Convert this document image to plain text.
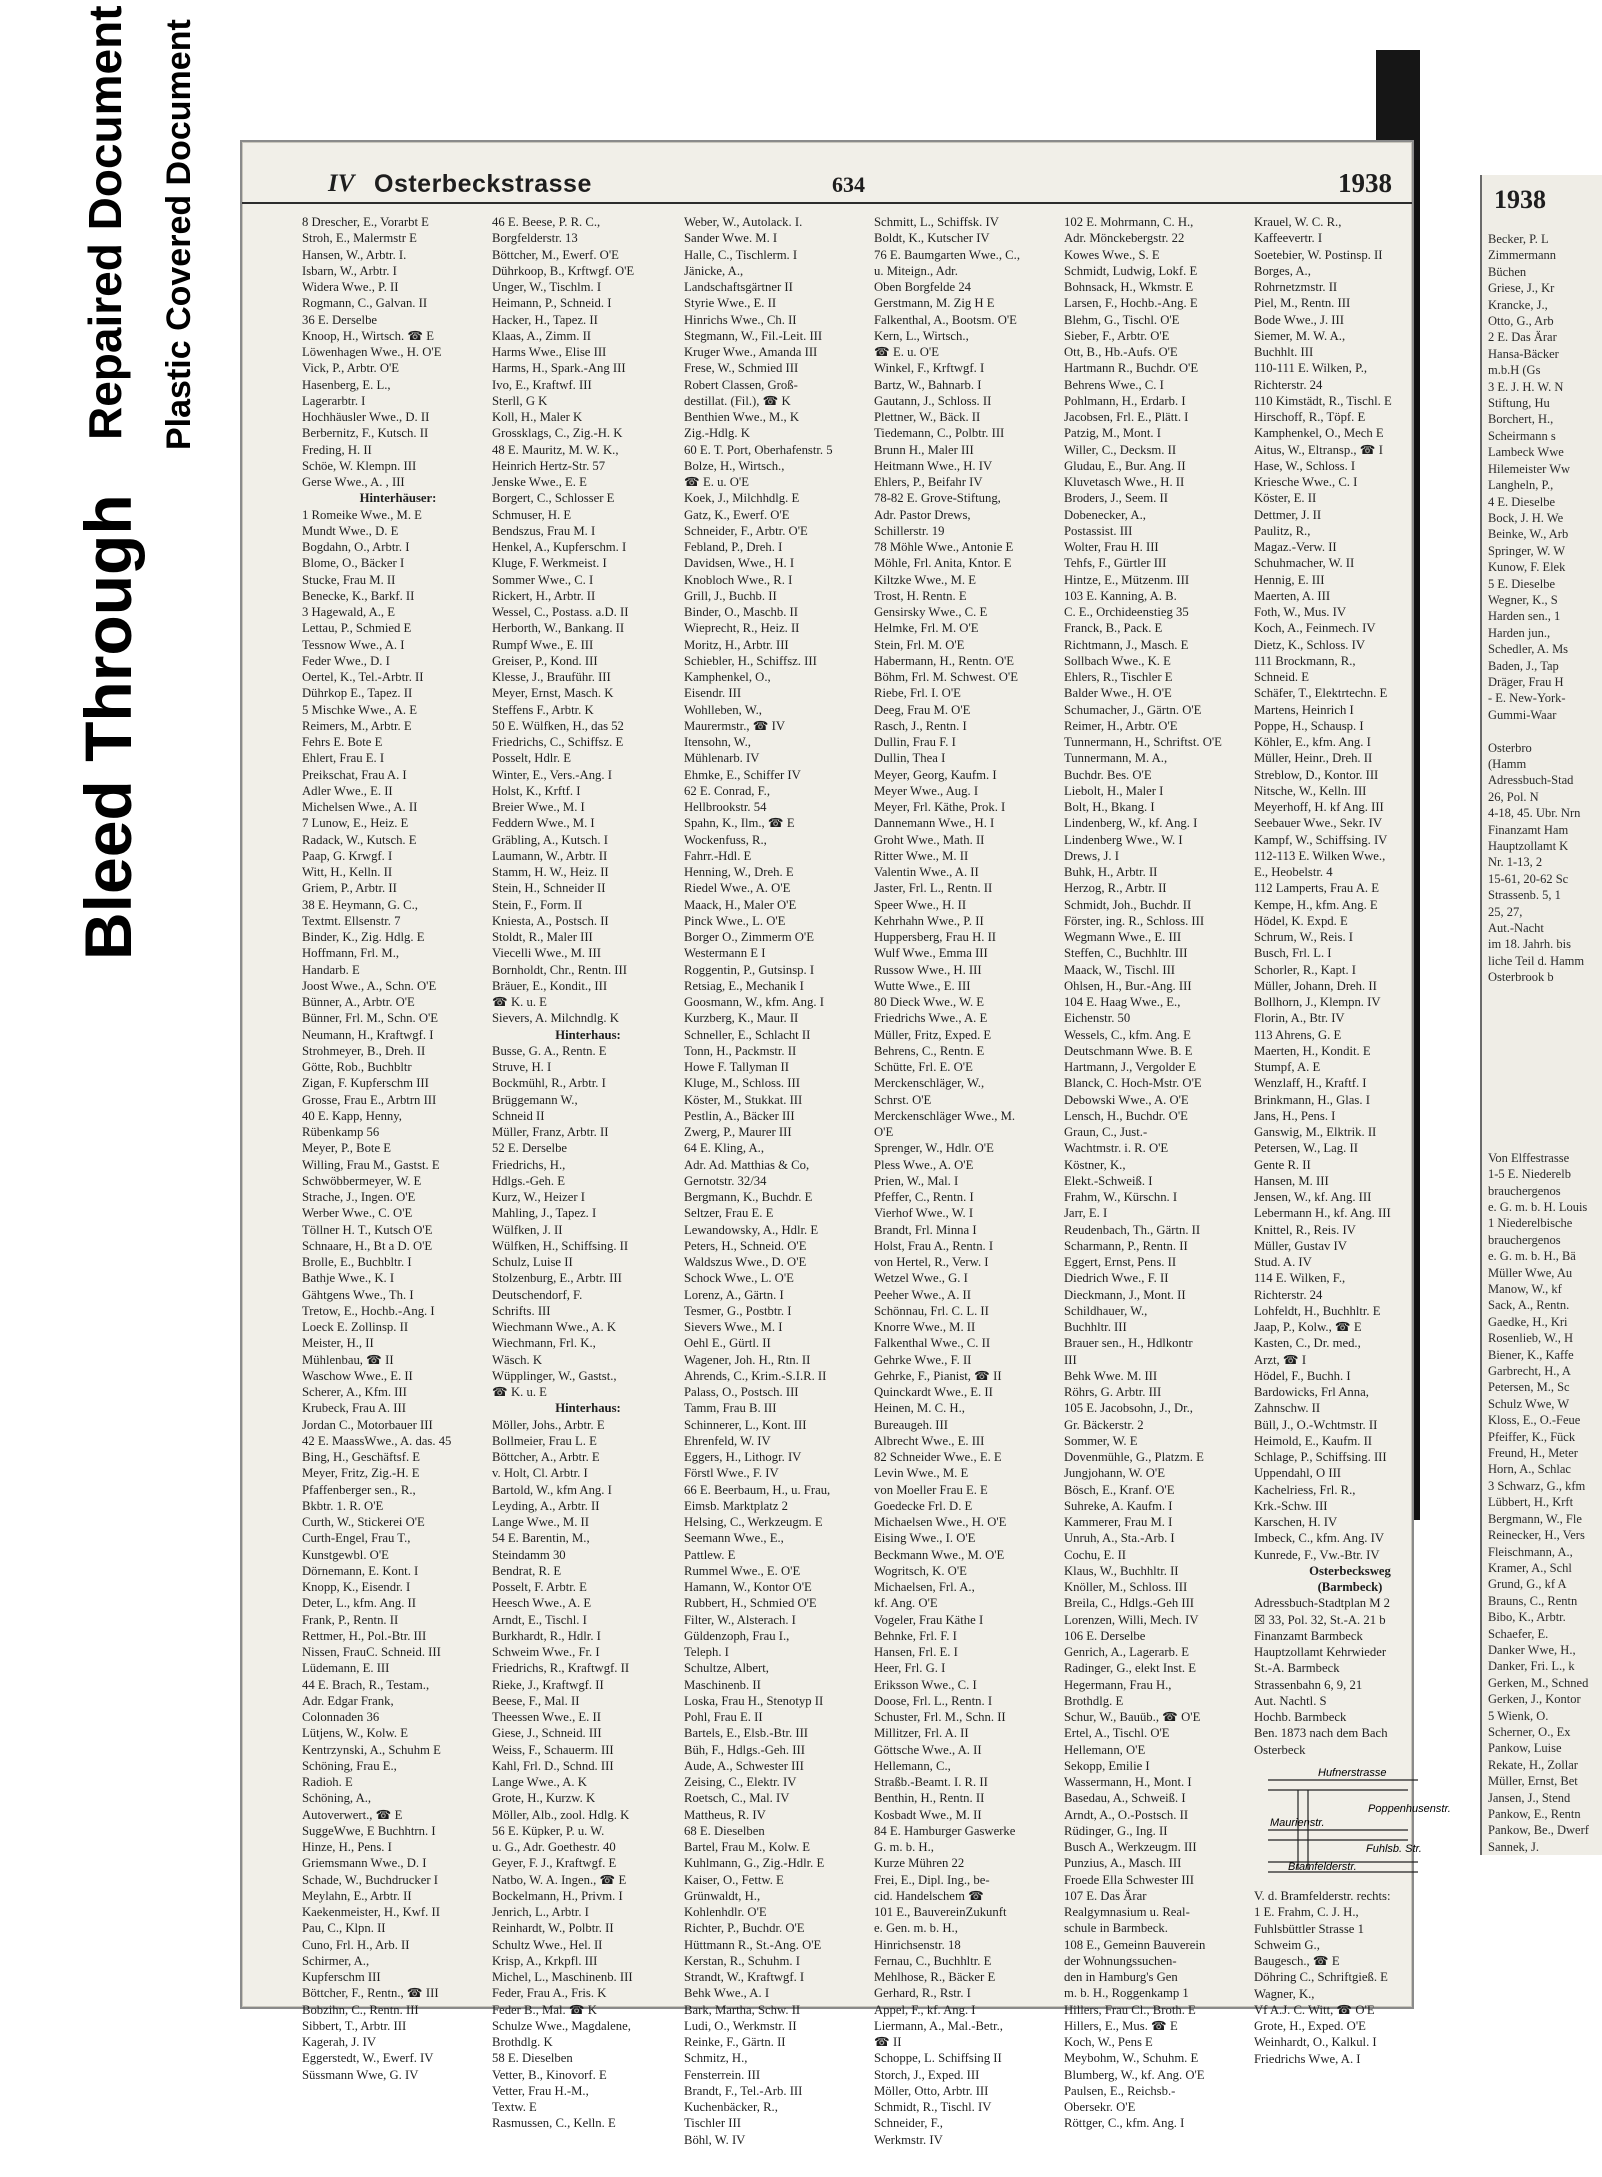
Bleed Through
Repaired Document Plastic Covered Document	1938
Becker, P. L
Zimmermann
Büchen
Griese, J., Kr
Krancke, J.,
Otto, G., Arb
2 E. Das Ärar
Hansa-Bäcker
m.b.H (Gs
3 E. J. H. W. N
Stiftung, Hu
Borchert, H.,
Scheirmann s
Lambeck Wwe
Hilemeister Ww
Langheln, P.,
4 E. Dieselbe
Bock, J. H. We
Beinke, W., Arb
Springer, W. W
Kunow, F. Elek
5 E. Dieselbe
Wegner, K., S
Harden sen., 1
Harden jun.,
Schedler, A. Ms
Baden, J., Tap
Dräger, Frau H
- E. New-York-
Gummi-Waar

Osterbro
(Hamm
Adressbuch-Stad
26, Pol. N
4-18, 45. Ubr. Nrn
Finanzamt Ham
Hauptzollamt K
Nr. 1-13, 2
15-61, 20-62 Sc
Strassenb. 5, 1
25, 27,
Aut.-Nacht
im 18. Jahrh. bis
liche Teil d. Hamm
Osterbrook b

Von Elffestrasse
1-5 E. Niederelb
brauchergenos
e. G. m. b. H. Louis
1 Niederelbische
brauchergenos
e. G. m. b. H., Bä
Müller Wwe, Au
Manow, W., kf
Sack, A., Rentn.
Gaedke, H., Kri
Rosenlieb, W., H
Biener, K., Kaffe
Garbrecht, H., A
Petersen, M., Sc
Schulz Wwe, W
Kloss, E., O.-Feue
Pfeiffer, K., Fück
Freund, H., Meter
Horn, A., Schlac
3 Schwarz, G., kfm
Lübbert, H., Krft
Bergmann, W., Fle
Reinecker, H., Vers
Fleischmann, A.,
Kramer, A., Schl
Grund, G., kf A
Brauns, C., Rentn
Bibo, K., Arbtr.
Schaefer, E.
Danker Wwe, H.,
Danker, Fri. L., k
Gerken, M., Schned
Gerken, J., Kontor
5 Wienk, O.
Scherner, O., Ex
Pankow, Luise
Rekate, H., Zollar
Müller, Ernst, Bet
Jansen, J., Stend
Pankow, E., Rentn
Pankow, Be., Dwerf
Sannek, J.
IV Osterbeckstrasse	634	1938
8 Drescher, E., Vorarbt E
Stroh, E., Malermstr E
Hansen, W., Arbtr. I.
Isbarn, W., Arbtr. I
Widera Wwe., P. II
Rogmann, C., Galvan. II
36 E. Derselbe
Knoop, H., Wirtsch. ☎ E
Löwenhagen Wwe., H. O'E
Vick, P., Arbtr. O'E
Hasenberg, E. L.,
Lagerarbtr. I
Hochhäusler Wwe., D. II
Berbernitz, F., Kutsch. II
Freding, H. II
Schöe, W. Klempn. III
Gerse Wwe., A. , III
Hinterhäuser:
1 Romeike Wwe., M. E
Mundt Wwe., D. E
Bogdahn, O., Arbtr. I
Blome, O., Bäcker I
Stucke, Frau M. II
Benecke, K., Barkf. II
3 Hagewald, A., E
Lettau, P., Schmied E
Tessnow Wwe., A. I
Feder Wwe., D. I
Oertel, K., Tel.-Arbtr. II
Dührkop E., Tapez. II
5 Mischke Wwe., A. E
Reimers, M., Arbtr. E
Fehrs E. Bote E
Ehlert, Frau E. I
Preikschat, Frau A. I
Adler Wwe., E. II
Michelsen Wwe., A. II
7 Lunow, E., Heiz. E
Radack, W., Kutsch. E
Paap, G. Krwgf. I
Witt, H., Kelln. II
Griem, P., Arbtr. II
38 E. Heymann, G. C.,
Textmt. Ellsenstr. 7
Binder, K., Zig. Hdlg. E
Hoffmann, Frl. M.,
Handarb. E
Joost Wwe., A., Schn. O'E
Bünner, A., Arbtr. O'E
Bünner, Frl. M., Schn. O'E
Neumann, H., Kraftwgf. I
Strohmeyer, B., Dreh. II
Götte, Rob., Buchbltr
Zigan, F. Kupferschm III
Grosse, Frau E., Arbtrn III
40 E. Kapp, Henny,
Rübenkamp 56
Meyer, P., Bote E
Willing, Frau M., Gastst. E
Schwöbbermeyer, W. E
Strache, J., Ingen. O'E
Werber Wwe., C. O'E
Töllner H. T., Kutsch O'E
Schnaare, H., Bt a D. O'E
Brolle, E., Buchbltr. I
Bathje Wwe., K. I
Gähtgens Wwe., Th. I
Tretow, E., Hochb.-Ang. I
Loeck E. Zollinsp. II
Meister, H., II
Mühlenbau, ☎ II
Waschow Wwe., E. II
Scherer, A., Kfm. III
Krubeck, Frau A. III
Jordan C., Motorbauer III
42 E. MaassWwe., A. das. 45
Bing, H., Geschäftsf. E
Meyer, Fritz, Zig.-H. E
Pfaffenberger sen., R.,
Bkbtr. 1. R. O'E
Curth, W., Stickerei O'E
Curth-Engel, Frau T.,
Kunstgewbl. O'E
Dörnemann, E. Kont. I
Knopp, K., Eisendr. I
Deter, L., kfm. Ang. II
Frank, P., Rentn. II
Rettmer, H., Pol.-Btr. III
Nissen, FrauC. Schneid. III
Lüdemann, E. III
44 E. Brach, R., Testam.,
Adr. Edgar Frank,
Colonnaden 36
Lütjens, W., Kolw. E
Kentrzynski, A., Schuhm E
Schöning, Frau E.,
Radioh. E
Schöning, A.,
Autoverwert., ☎ E
SuggeWwe, E Buchhtrn. I
Hinze, H., Pens. I
Griemsmann Wwe., D. I
Schade, W., Buchdrucker I
Meylahn, E., Arbtr. II
Kaekenmeister, H., Kwf. II
Pau, C., Klpn. II
Cuno, Frl. H., Arb. II
Schirmer, A.,
Kupferschm III
Böttcher, F., Rentn., ☎ III
Bobzihn, C., Rentn. III
Sibbert, T., Arbtr. III
Kagerah, J. IV
Eggerstedt, W., Ewerf. IV
Süssmann Wwe, G. IV
46 E. Beese, P. R. C.,
Borgfelderstr. 13
Böttcher, M., Ewerf. O'E
Dührkoop, B., Krftwgf. O'E
Unger, W., Tischlm. I
Heimann, P., Schneid. I
Hacker, H., Tapez. II
Klaas, A., Zimm. II
Harms Wwe., Elise III
Harms, H., Spark.-Ang III
Ivo, E., Kraftwf. III
Sterll, G K
Koll, H., Maler K
Grossklags, C., Zig.-H. K
48 E. Mauritz, M. W. K.,
Heinrich Hertz-Str. 57
Jenske Wwe., E. E
Borgert, C., Schlosser E
Schmuser, H. E
Bendszus, Frau M. I
Henkel, A., Kupferschm. I
Kluge, F. Werkmeist. I
Sommer Wwe., C. I
Rickert, H., Arbtr. II
Wessel, C., Postass. a.D. II
Herborth, W., Bankang. II
Rumpf Wwe., E. III
Greiser, P., Kond. III
Klesse, J., Brauführ. III
Meyer, Ernst, Masch. K
Steffens F., Arbtr. K
50 E. Wülfken, H., das 52
Friedrichs, C., Schiffsz. E
Posselt, Hdlr. E
Winter, E., Vers.-Ang. I
Holst, K., Krftf. I
Breier Wwe., M. I
Feddern Wwe., M. I
Gräbling, A., Kutsch. I
Laumann, W., Arbtr. II
Stamm, H. W., Heiz. II
Stein, H., Schneider II
Stein, F., Form. II
Kniesta, A., Postsch. II
Stoldt, R., Maler III
Viecelli Wwe., M. III
Bornholdt, Chr., Rentn. III
Bräuer, E., Kondit., III
☎ K. u. E
Sievers, A. Milchndlg. K
Hinterhaus:
Busse, G. A., Rentn. E
Struve, H. I
Bockmühl, R., Arbtr. I
Brüggemann W.,
Schneid II
Müller, Franz, Arbtr. II
52 E. Derselbe
Friedrichs, H.,
Hdlgs.-Geh. E
Kurz, W., Heizer I
Mahling, J., Tapez. I
Wülfken, J. II
Wülfken, H., Schiffsing. II
Schulz, Luise II
Stolzenburg, E., Arbtr. III
Deutschendorf, F.
Schrifts. III
Wiechmann Wwe., A. K
Wiechmann, Frl. K.,
Wäsch. K
Wüpplinger, W., Gastst.,
☎ K. u. E
Hinterhaus:
Möller, Johs., Arbtr. E
Bollmeier, Frau L. E
Böttcher, A., Arbtr. E
v. Holt, Cl. Arbtr. I
Bartold, W., kfm Ang. I
Leyding, A., Arbtr. II
Lange Wwe., M. II
54 E. Barentin, M.,
Steindamm 30
Bendrat, R. E
Posselt, F. Arbtr. E
Heesch Wwe., A. E
Arndt, E., Tischl. I
Burkhardt, R., Hdlr. I
Schweim Wwe., Fr. I
Friedrichs, R., Kraftwgf. II
Rieke, J., Kraftwgf. II
Beese, F., Mal. II
Theessen Wwe., E. II
Giese, J., Schneid. III
Weiss, F., Schauerm. III
Kahl, Frl. D., Schnd. III
Lange Wwe., A. K
Grote, H., Kurzw. K
Möller, Alb., zool. Hdlg. K
56 E. Küpker, P. u. W.
u. G., Adr. Goethestr. 40
Geyer, F. J., Kraftwgf. E
Natbo, W. A. Ingen., ☎ E
Bockelmann, H., Privm. I
Jenrich, L., Arbtr. I
Reinhardt, W., Polbtr. II
Schultz Wwe., Hel. II
Krisp, A., Krkpfl. III
Michel, L., Maschinenb. III
Feder, Frau A., Fris. K
Feder B., Mal. ☎ K
Schulze Wwe., Magdalene,
Brothdlg. K
58 E. Dieselben
Vetter, B., Kinovorf. E
Vetter, Frau H.-M.,
Textw. E
Rasmussen, C., Kelln. E
Weber, W., Autolack. I.
Sander Wwe. M. I
Halle, C., Tischlerm. I
Jänicke, A.,
Landschaftsgärtner II
Styrie Wwe., E. II
Hinrichs Wwe., Ch. II
Stegmann, W., Fil.-Leit. III
Kruger Wwe., Amanda III
Frese, W., Schmied III
Robert Classen, Groß-
destillat. (Fil.), ☎ K
Benthien Wwe., M., K
Zig.-Hdlg. K
60 E. T. Port, Oberhafenstr. 5
Bolze, H., Wirtsch.,
☎ E. u. O'E
Koek, J., Milchhdlg. E
Gatz, K., Ewerf. O'E
Schneider, F., Arbtr. O'E
Febland, P., Dreh. I
Davidsen, Wwe., H. I
Knobloch Wwe., R. I
Grill, J., Buchb. II
Binder, O., Maschb. II
Wieprecht, R., Heiz. II
Moritz, H., Arbtr. III
Schiebler, H., Schiffsz. III
Kamphenkel, O.,
Eisendr. III
Wohlleben, W.,
Maurermstr., ☎ IV
Itensohn, W.,
Mühlenarb. IV
Ehmke, E., Schiffer IV
62 E. Conrad, F.,
Hellbrookstr. 54
Spahn, K., Ilm., ☎ E
Wockenfuss, R.,
Fahrr.-Hdl. E
Henning, W., Dreh. E
Riedel Wwe., A. O'E
Maack, H., Maler O'E
Pinck Wwe., L. O'E
Borger O., Zimmerm O'E
Westermann E I
Roggentin, P., Gutsinsp. I
Retsiag, E., Mechanik I
Goosmann, W., kfm. Ang. I
Kurzberg, K., Maur. II
Schneller, E., Schlacht II
Tonn, H., Packmstr. II
Howe F. Tallyman II
Kluge, M., Schloss. III
Köster, M., Stukkat. III
Pestlin, A., Bäcker III
Zwerg, P., Maurer III
64 E. Kling, A.,
Adr. Ad. Matthias & Co,
Gernotstr. 32/34
Bergmann, K., Buchdr. E
Seltzer, Frau E. E
Lewandowsky, A., Hdlr. E
Peters, H., Schneid. O'E
Waldszus Wwe., D. O'E
Schock Wwe., L. O'E
Lorenz, A., Gärtn. I
Tesmer, G., Postbtr. I
Sievers Wwe., M. I
Oehl E., Gürtl. II
Wagener, Joh. H., Rtn. II
Ahrends, C., Krim.-S.I.R. II
Palass, O., Postsch. III
Tamm, Frau B. III
Schinnerer, L., Kont. III
Ehrenfeld, W. IV
Eggers, H., Lithogr. IV
Förstl Wwe., F. IV
66 E. Beerbaum, H., u. Frau,
Eimsb. Marktplatz 2
Helsing, C., Werkzeugm. E
Seemann Wwe., E.,
Pattlew. E
Rummel Wwe., E. O'E
Hamann, W., Kontor O'E
Rubbert, H., Schmied O'E
Filter, W., Alsterach. I
Güldenzoph, Frau I.,
Teleph. I
Schultze, Albert,
Maschinenb. II
Loska, Frau H., Stenotyp II
Pohl, Frau E. II
Bartels, E., Elsb.-Btr. III
Büh, F., Hdlgs.-Geh. III
Aude, A., Schwester III
Zeising, C., Elektr. IV
Roetsch, C., Mal. IV
Mattheus, R. IV
68 E. Dieselben
Bartel, Frau M., Kolw. E
Kuhlmann, G., Zig.-Hdlr. E
Kaiser, O., Fettw. E
Grünwaldt, H.,
Kohlenhdlr. O'E
Richter, P., Buchdr. O'E
Hüttmann R., St.-Ang. O'E
Kerstan, R., Schuhm. I
Strandt, W., Kraftwgf. I
Behk Wwe., A. I
Bark, Martha, Schw. II
Ludi, O., Werkmstr. II
Reinke, F., Gärtn. II
Schmitz, H.,
Fensterrein. III
Brandt, F., Tel.-Arb. III
Kuchenbäcker, R.,
Tischler III
Böhl, W. IV
Schmitt, L., Schiffsk. IV
Boldt, K., Kutscher IV
76 E. Baumgarten Wwe., C.,
u. Miteign., Adr.
Oben Borgfelde 24
Gerstmann, M. Zig H E
Falkenthal, A., Bootsm. O'E
Kern, L., Wirtsch.,
☎ E. u. O'E
Winkel, F., Krftwgf. I
Bartz, W., Bahnarb. I
Gautann, J., Schloss. II
Plettner, W., Bäck. II
Tiedemann, C., Polbtr. III
Brunn H., Maler III
Heitmann Wwe., H. IV
Ehlers, P., Beifahr IV
78-82 E. Grove-Stiftung,
Adr. Pastor Drews,
Schillerstr. 19
78 Möhle Wwe., Antonie E
Möhle, Frl. Anita, Kntor. E
Kiltzke Wwe., M. E
Trost, H. Rentn. E
Gensirsky Wwe., C. E
Helmke, Frl. M. O'E
Stein, Frl. M. O'E
Habermann, H., Rentn. O'E
Böhm, Frl. M. Schwest. O'E
Riebe, Frl. I. O'E
Deeg, Frau M. O'E
Rasch, J., Rentn. I
Dullin, Frau F. I
Dullin, Thea I
Meyer, Georg, Kaufm. I
Meyer Wwe., Aug. I
Meyer, Frl. Käthe, Prok. I
Dannemann Wwe., H. I
Groht Wwe., Math. II
Ritter Wwe., M. II
Valentin Wwe., A. II
Jaster, Frl. L., Rentn. II
Speer Wwe., H. II
Kehrhahn Wwe., P. II
Huppersberg, Frau H. II
Wulf Wwe., Emma III
Russow Wwe., H. III
Wutte Wwe., E. III
80 Dieck Wwe., W. E
Friedrichs Wwe., A. E
Müller, Fritz, Exped. E
Behrens, C., Rentn. E
Schütte, Frl. E. O'E
Merckenschläger, W.,
Schrst. O'E
Merckenschläger Wwe., M.
O'E
Sprenger, W., Hdlr. O'E
Pless Wwe., A. O'E
Prien, W., Mal. I
Pfeffer, C., Rentn. I
Vierhof Wwe., W. I
Brandt, Frl. Minna I
Holst, Frau A., Rentn. I
von Hertel, R., Verw. I
Wetzel Wwe., G. I
Peeher Wwe., A. II
Schönnau, Frl. C. L. II
Knorre Wwe., M. II
Falkenthal Wwe., C. II
Gehrke Wwe., F. II
Gehrke, F., Pianist, ☎ II
Quinckardt Wwe., E. II
Heinen, M. C. H.,
Bureaugeh. III
Albrecht Wwe., E. III
82 Schneider Wwe., E. E
Levin Wwe., M. E
von Moeller Frau E. E
Goedecke Frl. D. E
Michaelsen Wwe., H. O'E
Eising Wwe., I. O'E
Beckmann Wwe., M. O'E
Wogritsch, K. O'E
Michaelsen, Frl. A.,
kf. Ang. O'E
Vogeler, Frau Käthe I
Behnke, Frl. F. I
Hansen, Frl. E. I
Heer, Frl. G. I
Eriksson Wwe., C. I
Doose, Frl. L., Rentn. I
Schuster, Frl. M., Schn. II
Millitzer, Frl. A. II
Göttsche Wwe., A. II
Hellemann, C.,
Straßb.-Beamt. I. R. II
Benthin, H., Rentn. II
Kosbadt Wwe., M. II
84 E. Hamburger Gaswerke
G. m. b. H.,
Kurze Mühren 22
Frei, E., Dipl. Ing., be-
cid. Handelschem ☎
101 E., BauvereinZukunft
e. Gen. m. b. H.,
Hinrichsenstr. 18
Fernau, C., Buchhltr. E
Mehlhose, R., Bäcker E
Gerhard, R., Rstr. I
Appel, F., kf. Ang. I
Liermann, A., Mal.-Betr.,
☎ II
Schoppe, L. Schiffsing II
Storch, J., Exped. III
Möller, Otto, Arbtr. III
Schmidt, R., Tischl. IV
Schneider, F.,
Werkmstr. IV
102 E. Mohrmann, C. H.,
Adr. Mönckebergstr. 22
Kowes Wwe., S. E
Schmidt, Ludwig, Lokf. E
Bohnsack, H., Wkmstr. E
Larsen, F., Hochb.-Ang. E
Blehm, G., Tischl. O'E
Sieber, F., Arbtr. O'E
Ott, B., Hb.-Aufs. O'E
Hartmann R., Buchdr. O'E
Behrens Wwe., C. I
Pohlmann, H., Erdarb. I
Jacobsen, Frl. E., Plätt. I
Patzig, M., Mont. I
Willer, C., Decksm. II
Gludau, E., Bur. Ang. II
Kluvetasch Wwe., H. II
Broders, J., Seem. II
Dobenecker, A.,
Postassist. III
Wolter, Frau H. III
Tehfs, F., Gürtler III
Hintze, E., Mützenm. III
103 E. Kanning, A. B.
C. E., Orchideenstieg 35
Franck, B., Pack. E
Richtmann, J., Masch. E
Sollbach Wwe., K. E
Ehlers, R., Tischler E
Balder Wwe., H. O'E
Schumacher, J., Gärtn. O'E
Reimer, H., Arbtr. O'E
Tunnermann, H., Schriftst. O'E
Tunnermann, M. A.,
Buchdr. Bes. O'E
Liebolt, H., Maler I
Bolt, H., Bkang. I
Lindenberg, W., kf. Ang. I
Lindenberg Wwe., W. I
Drews, J. I
Buhk, H., Arbtr. II
Herzog, R., Arbtr. II
Schmidt, Joh., Buchdr. II
Förster, ing. R., Schloss. III
Wegmann Wwe., E. III
Steffen, C., Buchhltr. III
Maack, W., Tischl. III
Ohlsen, H., Bur.-Ang. III
104 E. Haag Wwe., E.,
Eichenstr. 50
Wessels, C., kfm. Ang. E
Deutschmann Wwe. B. E
Hartmann, J., Vergolder E
Blanck, C. Hoch-Mstr. O'E
Debowski Wwe., A. O'E
Lensch, H., Buchdr. O'E
Graun, C., Just.-
Wachtmstr. i. R. O'E
Köstner, K.,
Elekt.-Schweiß. I
Frahm, W., Kürschn. I
Jarr, E. I
Reudenbach, Th., Gärtn. II
Scharmann, P., Rentn. II
Eggert, Ernst, Pens. II
Diedrich Wwe., F. II
Dieckmann, J., Mont. II
Schildhauer, W.,
Buchhltr. III
Brauer sen., H., Hdlkontr
III
Behk Wwe. M. III
Röhrs, G. Arbtr. III
105 E. Jacobsohn, J., Dr.,
Gr. Bäckerstr. 2
Sommer, W. E
Dovenmühle, G., Platzm. E
Jungjohann, W. O'E
Bösch, E., Kranf. O'E
Suhreke, A. Kaufm. I
Kammerer, Frau M. I
Unruh, A., Sta.-Arb. I
Cochu, E. II
Klaus, W., Buchhltr. II
Knöller, M., Schloss. III
Breila, C., Hdlgs.-Geh III
Lorenzen, Willi, Mech. IV
106 E. Derselbe
Genrich, A., Lagerarb. E
Radinger, G., elekt Inst. E
Hegermann, Frau H.,
Brothdlg. E
Schur, W., Bauüb., ☎ O'E
Ertel, A., Tischl. O'E
Hellemann, O'E
Sekopp, Emilie I
Wassermann, H., Mont. I
Basedau, A., Schweiß. I
Arndt, A., O.-Postsch. II
Rüdinger, G., Ing. II
Busch A., Werkzeugm. III
Punzius, A., Masch. III
Froede Ella Schwester III
107 E. Das Ärar
Realgymnasium u. Real-
schule in Barmbeck.
108 E., Gemeinn Bauverein
der Wohnungssuchen-
den in Hamburg's Gen
m. b. H., Roggenkamp 1
Hillers, Frau Cl., Broth. E
Hillers, E., Mus. ☎ E
Koch, W., Pens E
Meybohm, W., Schuhm. E
Blumberg, W., kf. Ang. O'E
Paulsen, E., Reichsb.-
Obersekr. O'E
Röttger, C., kfm. Ang. I
Krauel, W. C. R.,
Kaffeevertr. I
Soetebier, W. Postinsp. II
Borges, A.,
Rohrnetzmstr. II
Piel, M., Rentn. III
Bode Wwe., J. III
Siemer, M. W. A.,
Buchhlt. III
110-111 E. Wilken, P.,
Richterstr. 24
110 Kimstädt, R., Tischl. E
Hirschoff, R., Töpf. E
Kamphenkel, O., Mech E
Aitus, W., Eltransp., ☎ I
Hase, W., Schloss. I
Kriesche Wwe., C. I
Köster, E. II
Dettmer, J. II
Paulitz, R.,
Magaz.-Verw. II
Schuhmacher, W. II
Hennig, E. III
Maerten, A. III
Foth, W., Mus. IV
Koch, A., Feinmech. IV
Dietz, K., Schloss. IV
111 Brockmann, R.,
Schneid. E
Schäfer, T., Elektrtechn. E
Martens, Heinrich I
Poppe, H., Schausp. I
Köhler, E., kfm. Ang. I
Müller, Heinr., Dreh. II
Streblow, D., Kontor. III
Nitsche, W., Kelln. III
Meyerhoff, H. kf Ang. III
Seebauer Wwe., Sekr. IV
Kampf, W., Schiffsing. IV
112-113 E. Wilken Wwe.,
E., Heobelstr. 4
112 Lamperts, Frau A. E
Kempe, H., kfm. Ang. E
Hödel, K. Expd. E
Schrum, W., Reis. I
Busch, Frl. L. I
Schorler, R., Kapt. I
Müller, Johann, Dreh. II
Bollhorn, J., Klempn. IV
Florin, A., Btr. IV
113 Ahrens, G. E
Maerten, H., Kondit. E
Stumpf, A. E
Wenzlaff, H., Kraftf. I
Brinkmann, H., Glas. I
Jans, H., Pens. I
Ganswig, M., Elktrik. II
Petersen, W., Lag. II
Gente R. II
Hansen, M. III
Jensen, W., kf. Ang. III
Lebermann H., kf. Ang. III
Knittel, R., Reis. IV
Müller, Gustav IV
Stud. A. IV
114 E. Wilken, F.,
Richterstr. 24
Lohfeldt, H., Buchhltr. E
Jaap, P., Kolw., ☎ E
Kasten, C., Dr. med.,
Arzt, ☎ I
Hödel, F., Buchh. I
Bardowicks, Frl Anna,
Zahnschw. II
Büll, J., O.-Wchtmstr. II
Heimold, E., Kaufm. II
Schlage, P., Schiffsing. III
Uppendahl, O III
Kachelriess, Frl. R.,
Krk.-Schw. III
Karschen, H. IV
Imbeck, C., kfm. Ang. IV
Kunrede, F., Vw.-Btr. IV
Osterbecksweg
(Barmbeck)
Adressbuch-Stadtplan M 2
☒ 33, Pol. 32, St.-A. 21 b
Finanzamt Barmbeck
Hauptzollamt Kehrwieder
St.-A. Barmbeck
Strassenbahn 6, 9, 21
Aut. Nachtl. S
Hochb. Barmbeck
Ben. 1873 nach dem Bach
Osterbeck
Hufnerstrasse
Poppenhusenstr.
Maurienstr.
Fuhlsb. Str.
Bramfelderstr.
V. d. Bramfelderstr. rechts:
1 E. Frahm, C. J. H.,
Fuhlsbüttler Strasse 1
Schweim G.,
Baugesch., ☎ E
Döhring C., Schriftgieß. E
Wagner, K.,
Vf A.J. C. Witt, ☎ O'E
Grote, H., Exped. O'E
Weinhardt, O., Kalkul. I
Friedrichs Wwe, A. I
